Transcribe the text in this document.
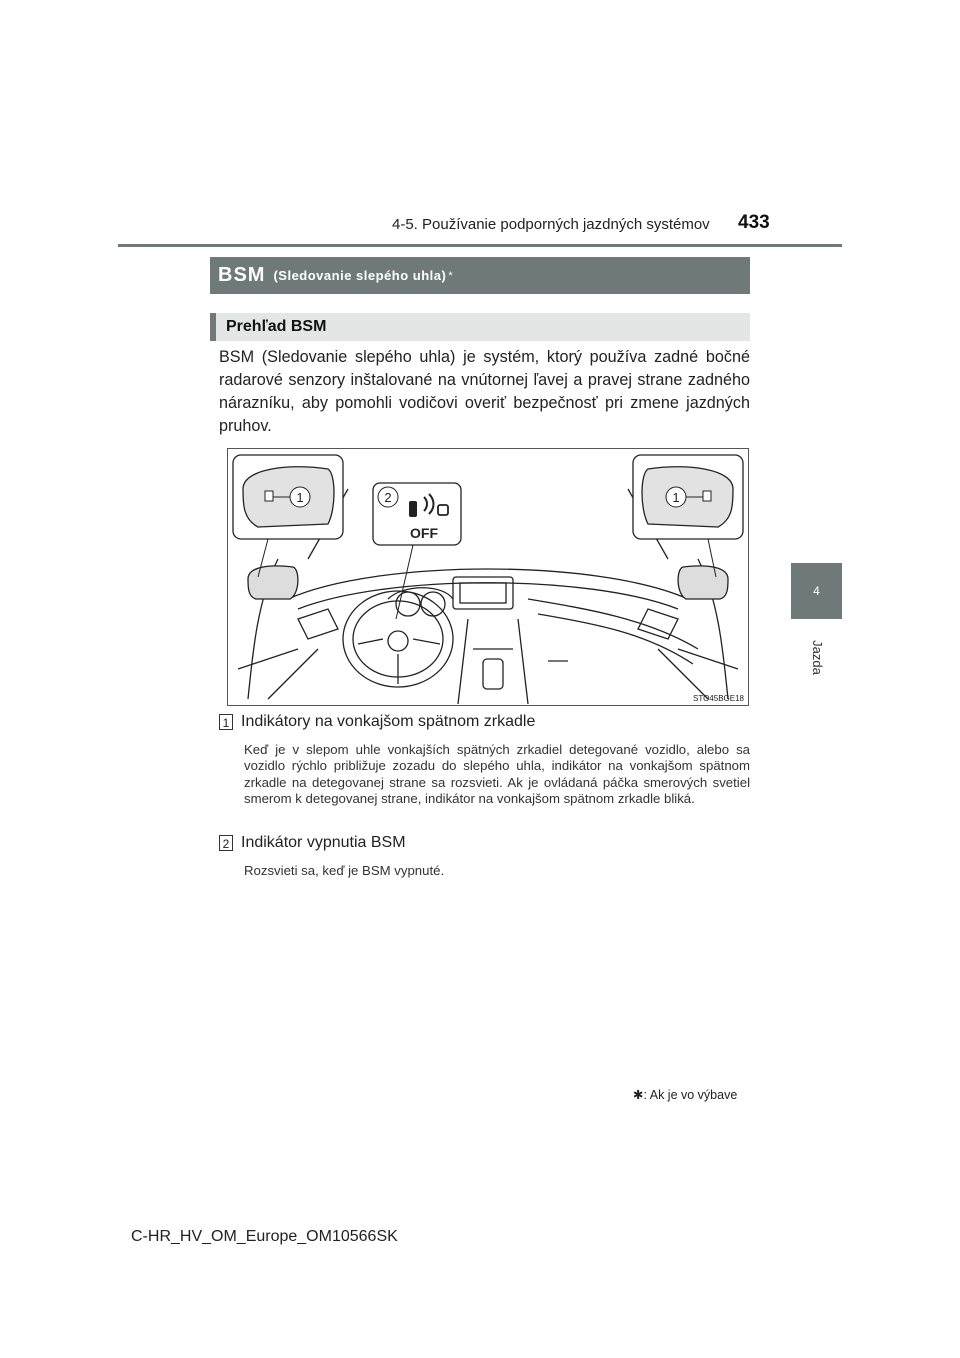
4-5. Používanie podporných jazdných systémov 433
4
Jazda
BSM (Sledovanie slepého uhla) *
Prehľad BSM
BSM (Sledovanie slepého uhla) je systém, ktorý používa zadné bočné radarové senzory inštalované na vnútornej ľavej a pravej strane zadného nárazníku, aby pomohli vodičovi overiť bezpečnosť pri zmene jazdných pruhov.
1	1
2
OFF
STO45BGE18
1 Indikátory na vonkajšom spätnom zrkadle
Keď je v slepom uhle vonkajších spätných zrkadiel detegované vozidlo, alebo sa vozidlo rýchlo približuje zozadu do slepého uhla, indikátor na vonkajšom spätnom zrkadle na detegovanej strane sa rozsvieti. Ak je ovládaná páčka smerových svetiel smerom k detegovanej strane, indikátor na vonkajšom spätnom zrkadle bliká.
2 Indikátor vypnutia BSM
Rozsvieti sa, keď je BSM vypnuté.
✱: Ak je vo výbave
C-HR_HV_OM_Europe_OM10566SK
